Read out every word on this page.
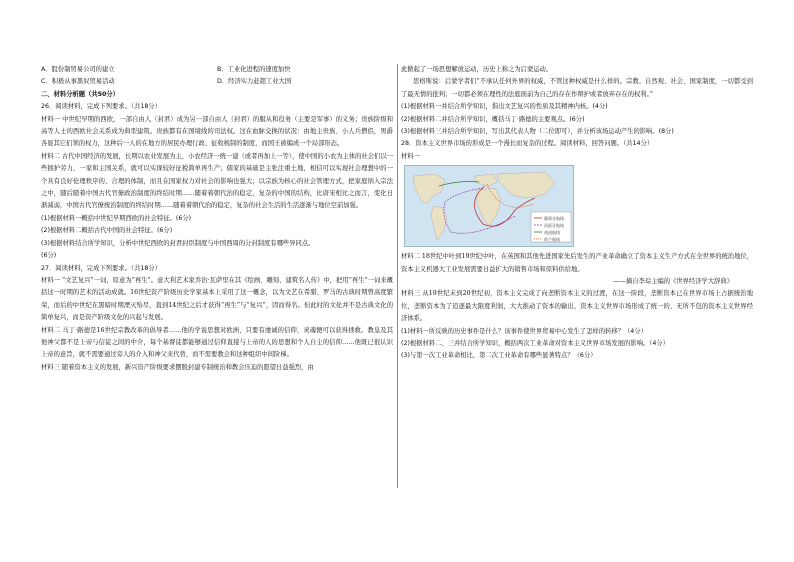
A．股份制贸易公司的建立	B．工业化进程的速度加快
C．积极从事黑奴贸易活动	D．经济实力赶超工业大国

二、材料分析题（共50分）

26．阅读材料，完成下列要求。（共18分）

材料一 中世纪早期的西欧，一部自由人（封君）成为另一部自由人（封君）的服从和役务（主要是军事）的义务；贵族阶级和高等人士的西欧社会关系成为典型建筑。贵族都有在国境线的司法权。这在血脉交换的状况：由地主贵族、小人兵僧侣，男爵各显其它们领的权力，这种后一人的在地方的居民办理行政、征收税制的制度，而国王被编成一个局部形态。

材料二 古代中国经济的发展，长期以农业发展为主，小农经济一统一建（或者再加上一等），使中国的小农为主体的社会们以一些拥护劳力，一家和主国关系，就可以实现较好征税简单再生产；儒家的基础是主张注重土地，相信可以实现社会理想中的一个具有良好伦理秩序的、合理的体制，而且在国家权力对社会的影响也强大；以宗族为核心的社会管理方式，把家庭纳入宗法之中，随后随着中国古代官僚政治制度的终结时期……随着着朝代治的稳定，复杂的中国的结构，比唐宋相比之而言，变化日渐减弱，中国古代官僚统治制度的终结时期……随着着朝代治的稳定，复杂的社会生活的生活逐渐与地位空前加强。

(1)根据材料一概括中世纪早期西欧的社会特征。(6分)

(2)根据材料二概括古代中国的社会特征。(6分)

(3)根据材料结合所学知识，分析中世纪西欧的封君封臣制度与中国西周的分封制度有哪些异同点。

(6分)

27．阅读材料，完成下列要求。（共18分）

材料一 “文艺复兴”一词，原意为“再生”。意大利艺术家乔治·瓦萨里在其《绘画、雕刻、建筑名人传》中，把用“再生”一词来概括这一时期的艺术的活动成就。16世纪资产阶级历史学家基本上采用了这一概念，以为文艺在希腊、罗马的古典时期曾高度繁荣，而后的中世纪在黑暗时期湮灭殆尽，直到14世纪之后才获得“再生”与“复兴”，因而得名。但此时的文化并不是古典文化的简单复兴，而是资产阶级文化的兴起与发展。

材料二 马丁·路德是16世纪宗教改革的倡导者……他的学说思想对欧洲，只要有虔诚的信仰，灵魂便可以获得拯救。教皇及其他神父都不是上帝与信徒之间的中介，每个基督徒都能够通过信仰直接与上帝的人的思想和个人自主的信仰……他既已很认识上帝的意旨，就不需要通过旁人的介入和神父来代替，而不需要教会和这种组织中间阶梯。

材料三 随着资本主义的发展，新兴资产阶级要求摆脱封建专制统治和教会压迫的愿望日益强烈，由

此掀起了一场思想解放运动，历史上称之为启蒙运动。

思格斯说：启蒙学者们“不承认任何外界的权威，不管这种权威是什么样的。宗教、自然观、社会、国家制度，一切都受到了最无情的批判；一切都必须在理性的法庭面前为自己的存在作辩护或者放弃存在的权利。”

(1)根据材料一并结合所学知识，指出文艺复兴的性质及其精神内核。(4分)

(2)根据材料二并结合所学知识，概括马丁·路德的主要观点。(6分)

(3)根据材料三并结合所学知识，写出其代表人物（二位即可），并分析该场运动产生的影响。(8分)

28．资本主义世界市场的形成是一个漫长而复杂的过程。阅读材料，回答问题。（共14分）

材料一

葡萄牙航线
西班牙航线
英国航线
荷兰航线

材料二 18世纪中叶到19世纪中叶，在英国和其他先进国家先后发生的产业革命确立了资本主义生产方式在全世界的统治地位，资本主义机器大工业发展需要日益扩大的销售市场和原料供给地。

——摘自李琮主编的《世界经济学大辞典》

材料三 从19世纪末到20世纪初，资本主义完成了向垄断资本主义的过渡，在这一阶段，垄断资本已在世界市场上占据统治地位，垄断资本为了追逐最大限度利润，大大推动了资本的输出，资本主义世界市场形成了统一的、无所不包的资本主义世界经济体系。

(1)材料一所反映的历史事件是什么？该事件使世界贸易中心发生了怎样的转移？（4分）

(2)根据材料二、三并结合所学知识，概括两次工业革命对资本主义世界市场发展的影响。（4分）

(3)与第一次工业革命相比，第二次工业革命有哪些显著特点？（6分）
